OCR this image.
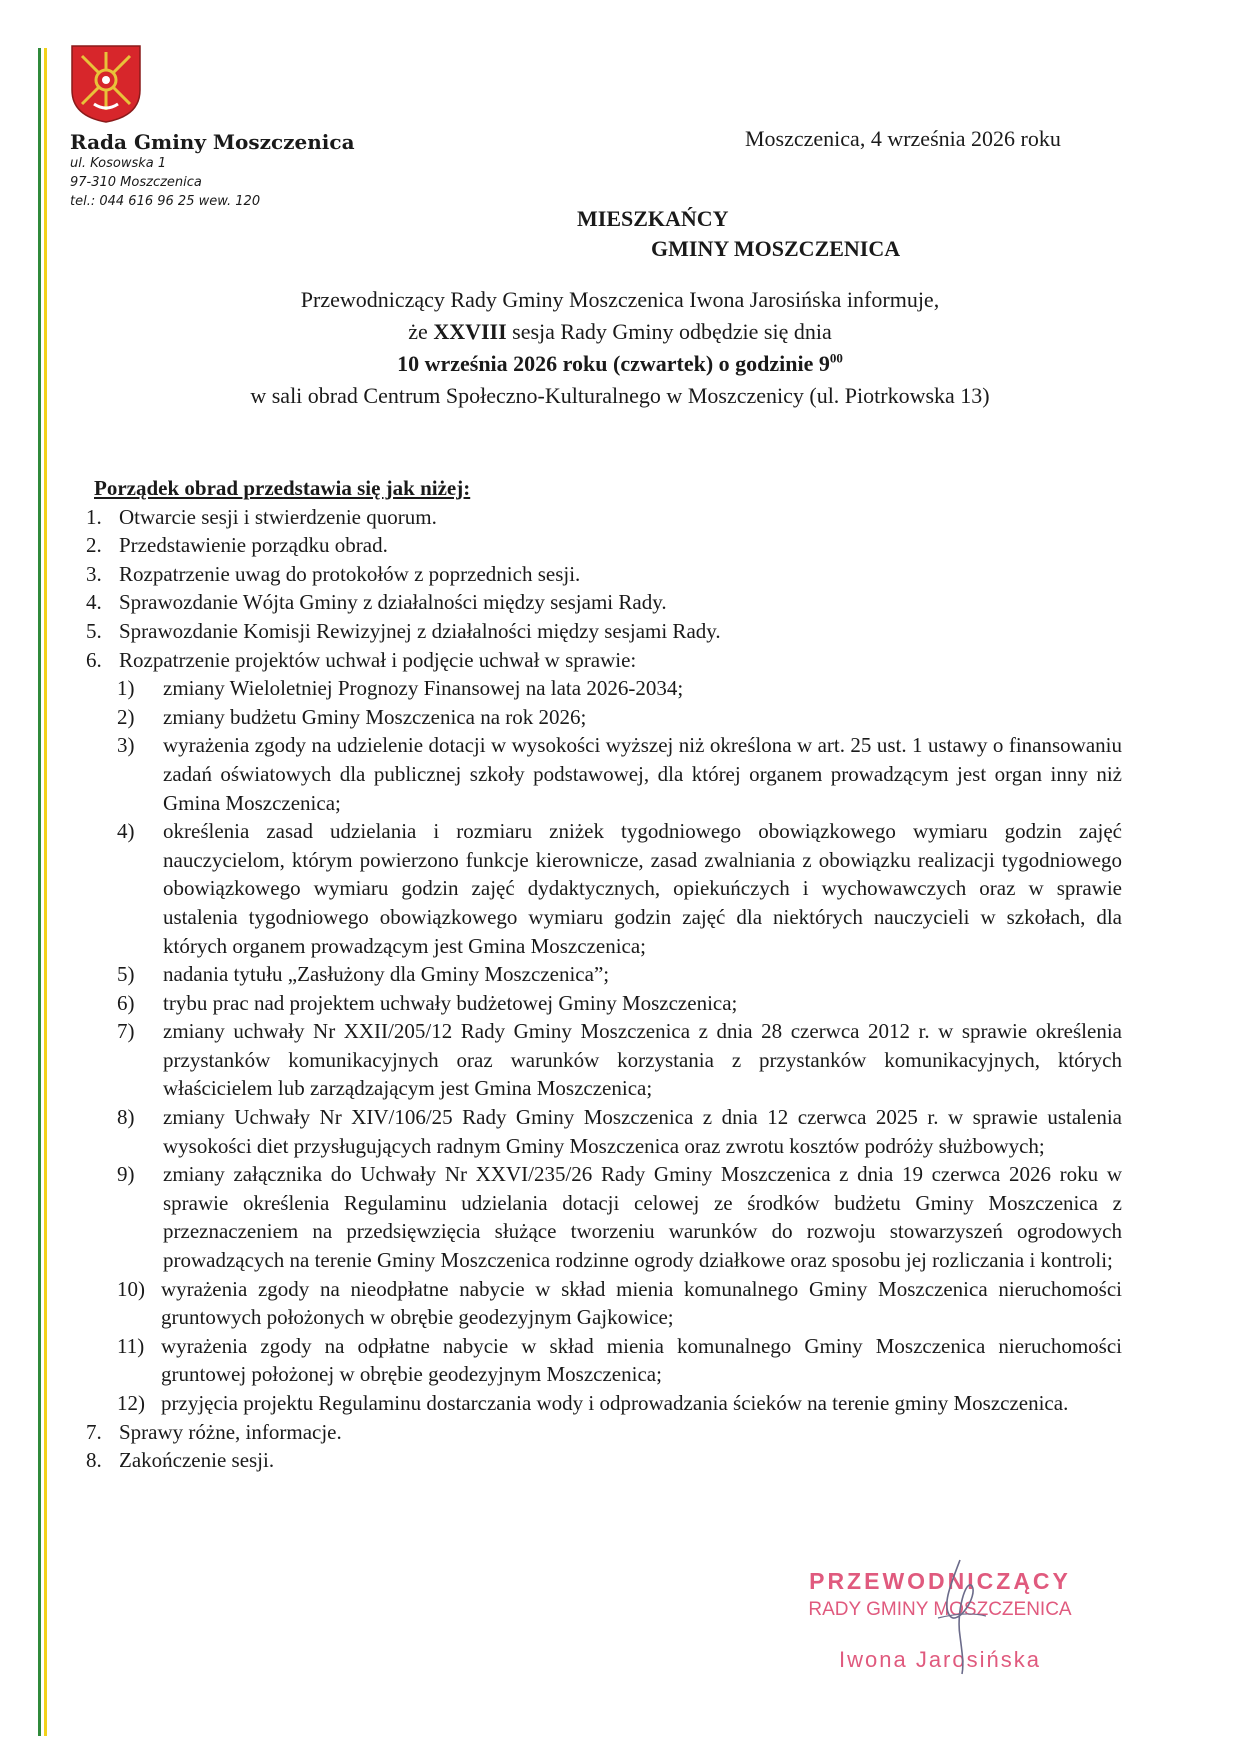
Rada Gminy Moszczenica
ul. Kosowska 1
97-310 Moszczenica
tel.: 044 616 96 25 wew. 120
Moszczenica, 4 września 2026 roku
MIESZKAŃCY
GMINY MOSZCZENICA
Przewodniczący Rady Gminy Moszczenica Iwona Jarosińska informuje,
że XXVIII sesja Rady Gminy odbędzie się dnia
10 września 2026 roku (czwartek) o godzinie $9^{00}$
w sali obrad Centrum Społeczno-Kulturalnego w Moszczenicy (ul. Piotrkowska 13)
Porządek obrad przedstawia się jak niżej:
1. Otwarcie sesji i stwierdzenie quorum.
2. Przedstawienie porządku obrad.
3. Rozpatrzenie uwag do protokołów z poprzednich sesji.
4. Sprawozdanie Wójta Gminy z działalności między sesjami Rady.
5. Sprawozdanie Komisji Rewizyjnej z działalności między sesjami Rady.
6. Rozpatrzenie projektów uchwał i podjęcie uchwał w sprawie:
1)	zmiany Wieloletniej Prognozy Finansowej na lata 2026-2034;
2)	zmiany budżetu Gminy Moszczenica na rok 2026;
3)	wyrażenia zgody na udzielenie dotacji w wysokości wyższej niż określona w art. 25 ust. 1 ustawy o finansowaniu zadań oświatowych dla publicznej szkoły podstawowej, dla której organem prowadzącym jest organ inny niż Gmina Moszczenica;
4)	określenia zasad udzielania i rozmiaru zniżek tygodniowego obowiązkowego wymiaru godzin zajęć nauczycielom, którym powierzono funkcje kierownicze, zasad zwalniania z obowiązku realizacji tygodniowego obowiązkowego wymiaru godzin zajęć dydaktycznych, opiekuńczych i wychowawczych oraz w sprawie ustalenia tygodniowego obowiązkowego wymiaru godzin zajęć dla niektórych nauczycieli w szkołach, dla których organem prowadzącym jest Gmina Moszczenica;
5)	nadania tytułu „Zasłużony dla Gminy Moszczenica”;
6)	trybu prac nad projektem uchwały budżetowej Gminy Moszczenica;
7)	zmiany uchwały Nr XXII/205/12 Rady Gminy Moszczenica z dnia 28 czerwca 2012 r. w sprawie określenia przystanków komunikacyjnych oraz warunków korzystania z przystanków komunikacyjnych, których właścicielem lub zarządzającym jest Gmina Moszczenica;
8)	zmiany Uchwały Nr XIV/106/25 Rady Gminy Moszczenica z dnia 12 czerwca 2025 r. w sprawie ustalenia wysokości diet przysługujących radnym Gminy Moszczenica oraz zwrotu kosztów podróży służbowych;
9)	zmiany załącznika do Uchwały Nr XXVI/235/26 Rady Gminy Moszczenica z dnia 19 czerwca 2026 roku w sprawie określenia Regulaminu udzielania dotacji celowej ze środków budżetu Gminy Moszczenica z przeznaczeniem na przedsięwzięcia służące tworzeniu warunków do rozwoju stowarzyszeń ogrodowych prowadzących na terenie Gminy Moszczenica rodzinne ogrody działkowe oraz sposobu jej rozliczania i kontroli;
10) wyrażenia zgody na nieodpłatne nabycie w skład mienia komunalnego Gminy Moszczenica nieruchomości gruntowych położonych w obrębie geodezyjnym Gajkowice;
11) wyrażenia zgody na odpłatne nabycie w skład mienia komunalnego Gminy Moszczenica nieruchomości gruntowej położonej w obrębie geodezyjnym Moszczenica;
12) przyjęcia projektu Regulaminu dostarczania wody i odprowadzania ścieków na terenie gminy Moszczenica.
7. Sprawy różne, informacje.
8. Zakończenie sesji.
PRZEWODNICZĄCY
RADY GMINY MOSZCZENICA
Iwona Jarosińska
